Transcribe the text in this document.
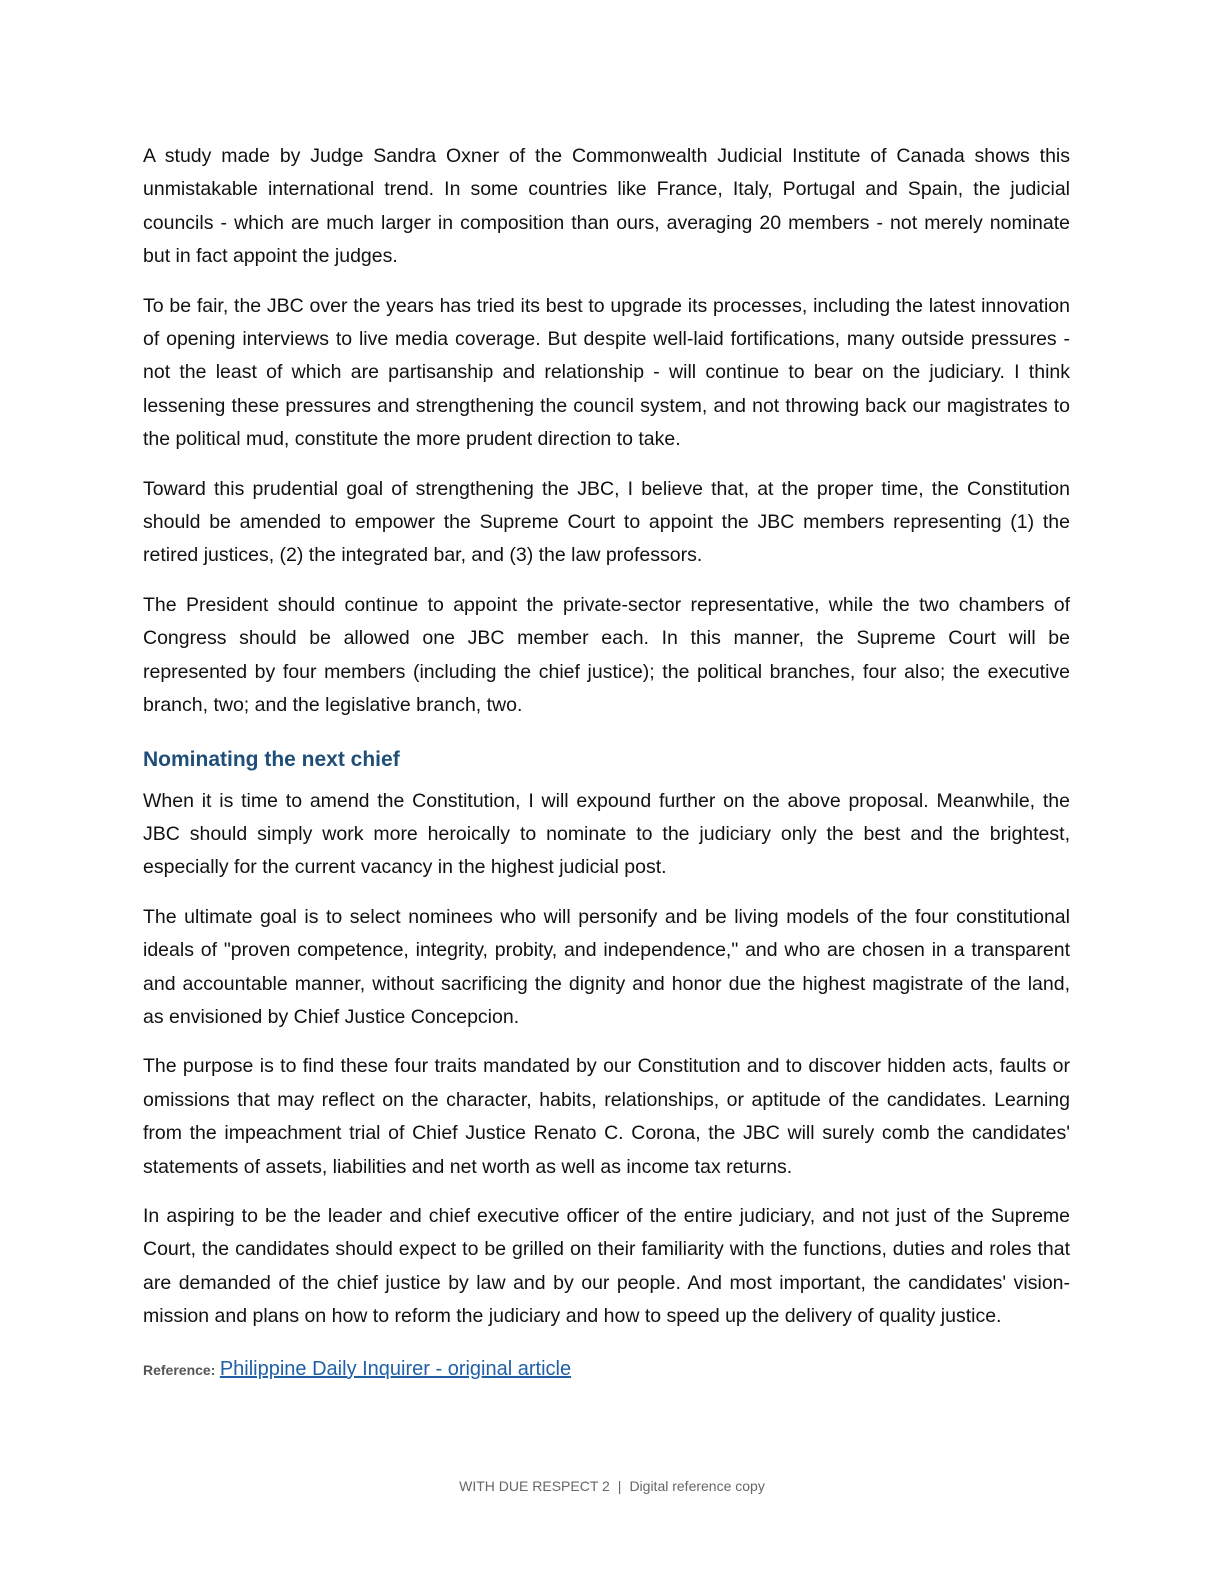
A study made by Judge Sandra Oxner of the Commonwealth Judicial Institute of Canada shows this unmistakable international trend. In some countries like France, Italy, Portugal and Spain, the judicial councils - which are much larger in composition than ours, averaging 20 members - not merely nominate but in fact appoint the judges.

To be fair, the JBC over the years has tried its best to upgrade its processes, including the latest innovation of opening interviews to live media coverage. But despite well-laid fortifications, many outside pressures - not the least of which are partisanship and relationship - will continue to bear on the judiciary. I think lessening these pressures and strengthening the council system, and not throwing back our magistrates to the political mud, constitute the more prudent direction to take.

Toward this prudential goal of strengthening the JBC, I believe that, at the proper time, the Constitution should be amended to empower the Supreme Court to appoint the JBC members representing (1) the retired justices, (2) the integrated bar, and (3) the law professors.

The President should continue to appoint the private-sector representative, while the two chambers of Congress should be allowed one JBC member each. In this manner, the Supreme Court will be represented by four members (including the chief justice); the political branches, four also; the executive branch, two; and the legislative branch, two.

Nominating the next chief

When it is time to amend the Constitution, I will expound further on the above proposal. Meanwhile, the JBC should simply work more heroically to nominate to the judiciary only the best and the brightest, especially for the current vacancy in the highest judicial post.

The ultimate goal is to select nominees who will personify and be living models of the four constitutional ideals of "proven competence, integrity, probity, and independence," and who are chosen in a transparent and accountable manner, without sacrificing the dignity and honor due the highest magistrate of the land, as envisioned by Chief Justice Concepcion.

The purpose is to find these four traits mandated by our Constitution and to discover hidden acts, faults or omissions that may reflect on the character, habits, relationships, or aptitude of the candidates. Learning from the impeachment trial of Chief Justice Renato C. Corona, the JBC will surely comb the candidates' statements of assets, liabilities and net worth as well as income tax returns.

In aspiring to be the leader and chief executive officer of the entire judiciary, and not just of the Supreme Court, the candidates should expect to be grilled on their familiarity with the functions, duties and roles that are demanded of the chief justice by law and by our people. And most important, the candidates' vision-mission and plans on how to reform the judiciary and how to speed up the delivery of quality justice.

Reference: Philippine Daily Inquirer - original article
WITH DUE RESPECT 2 | Digital reference copy
